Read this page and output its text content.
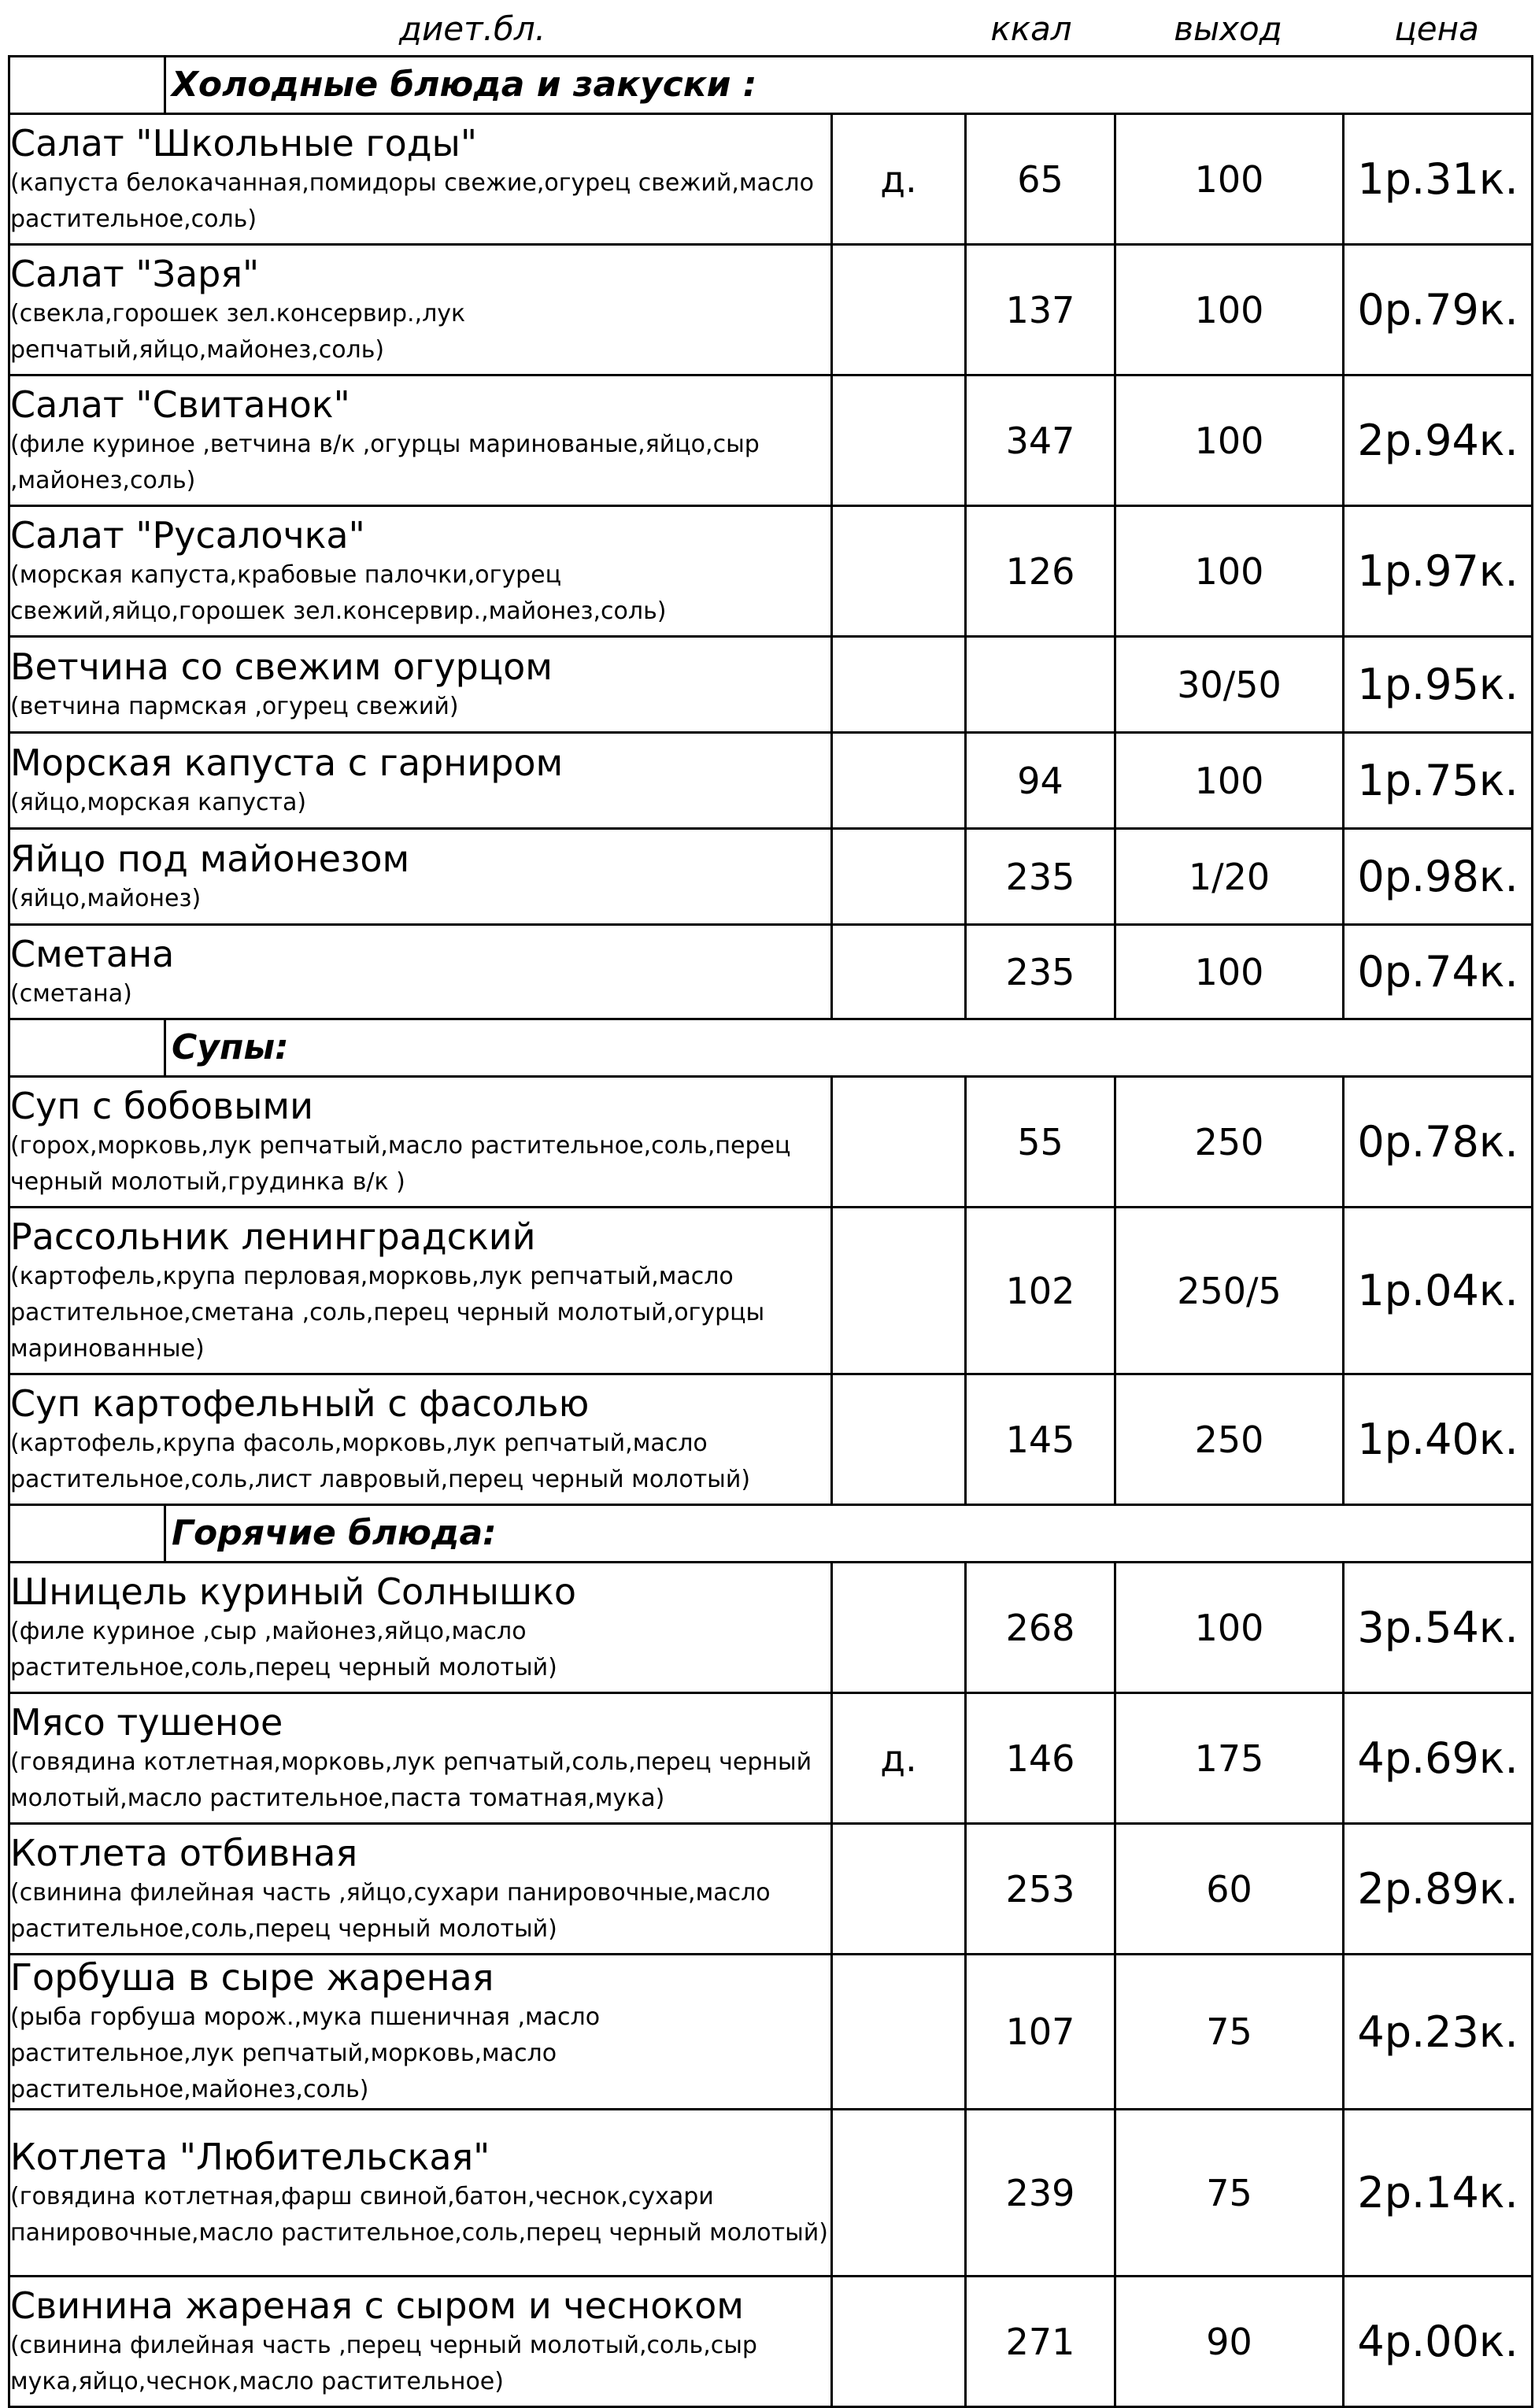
диет.бл.	ккал	выход	цена
Холодные блюда и закуски :				

Салат "Школьные годы"
(капуста белокачанная,помидоры свежие,огурец свежий,масло растительное,соль)	д.	65	100	1р.31к.

Салат "Заря"
(свекла,горошек зел.консервир.,лук репчатый,яйцо,майонез,соль)		137	100	0р.79к.

Салат "Свитанок"
(филе куриное ,ветчина в/к ,огурцы маринованые,яйцо,сыр ,майонез,соль)		347	100	2р.94к.

Салат "Русалочка"
(морская капуста,крабовые палочки,огурец свежий,яйцо,горошек зел.консервир.,майонез,соль)		126	100	1р.97к.

Ветчина со свежим огурцом
(ветчина пармская ,огурец свежий)			30/50	1р.95к.

Морская капуста с гарниром
(яйцо,морская капуста)		94	100	1р.75к.

Яйцо под майонезом
(яйцо,майонез)		235	1/20	0р.98к.

Сметана
(сметана)		235	100	0р.74к.

Супы:				

Суп с бобовыми
(горох,морковь,лук репчатый,масло растительное,соль,перец черный молотый,грудинка в/к )		55	250	0р.78к.

Рассольник ленинградский
(картофель,крупа перловая,морковь,лук репчатый,масло растительное,сметана ,соль,перец черный молотый,огурцы маринованные)		102	250/5	1р.04к.

Суп картофельный с фасолью
(картофель,крупа фасоль,морковь,лук репчатый,масло растительное,соль,лист лавровый,перец черный молотый)		145	250	1р.40к.

Горячие блюда:				

Шницель куриный Солнышко
(филе куриное ,сыр ,майонез,яйцо,масло растительное,соль,перец черный молотый)		268	100	3р.54к.

Мясо тушеное
(говядина котлетная,морковь,лук репчатый,соль,перец черный молотый,масло растительное,паста томатная,мука)	д.	146	175	4р.69к.

Котлета отбивная
(свинина филейная часть ,яйцо,сухари панировочные,масло растительное,соль,перец черный молотый)		253	60	2р.89к.

Горбуша в сыре жареная
(рыба горбуша морож.,мука пшеничная ,масло растительное,лук репчатый,морковь,масло растительное,майонез,соль)		107	75	4р.23к.

Котлета "Любительская"
(говядина котлетная,фарш свиной,батон,чеснок,сухари панировочные,масло растительное,соль,перец черный молотый)		239	75	2р.14к.

Свинина жареная с сыром и чесноком
(свинина филейная часть ,перец черный молотый,соль,сыр мука,яйцо,чеснок,масло растительное)		271	90	4р.00к.
